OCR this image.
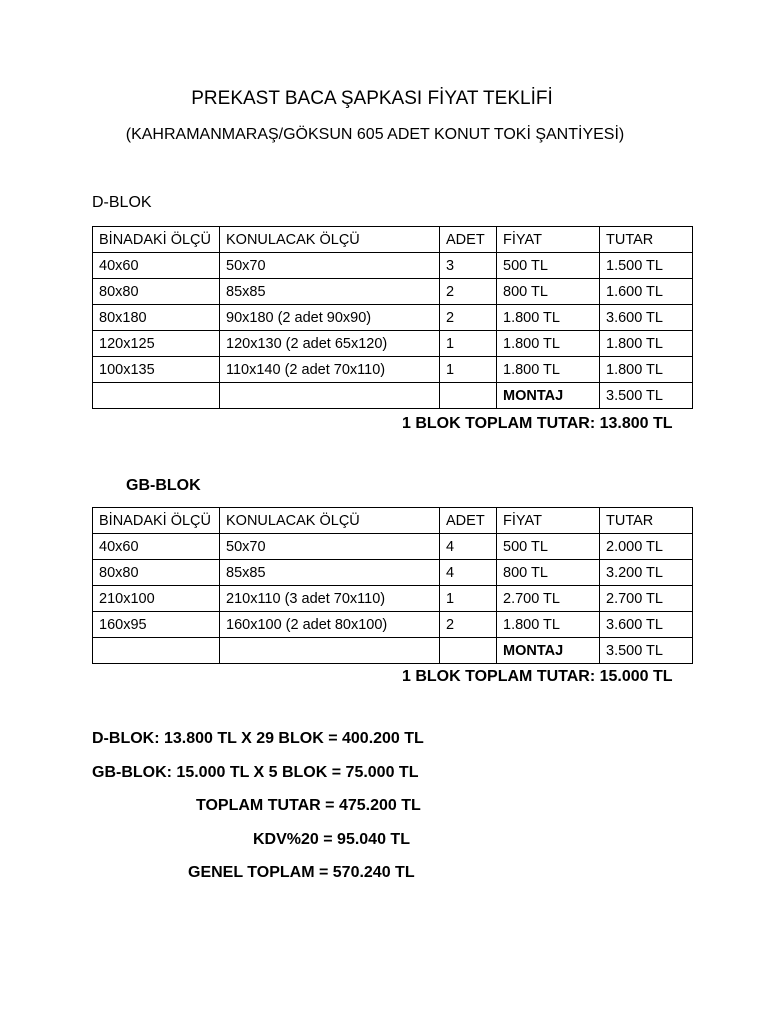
PREKAST BACA ŞAPKASI FİYAT TEKLİFİ
(KAHRAMANMARAŞ/GÖKSUN 605 ADET KONUT TOKİ ŞANTİYESİ)
D-BLOK
BİNADAKİ ÖLÇÜ	KONULACAK ÖLÇÜ	ADET	FİYAT	TUTAR
40x60	50x70	3	500 TL	1.500 TL
80x80	85x85	2	800 TL	1.600 TL
80x180	90x180 (2 adet 90x90)	2	1.800 TL	3.600 TL
120x125	120x130 (2 adet 65x120)	1	1.800 TL	1.800 TL
100x135	110x140 (2 adet 70x110)	1	1.800 TL	1.800 TL
			MONTAJ	3.500 TL
1 BLOK TOPLAM TUTAR: 13.800 TL
GB-BLOK
BİNADAKİ ÖLÇÜ	KONULACAK ÖLÇÜ	ADET	FİYAT	TUTAR
40x60	50x70	4	500 TL	2.000 TL
80x80	85x85	4	800 TL	3.200 TL
210x100	210x110 (3 adet 70x110)	1	2.700 TL	2.700 TL
160x95	160x100 (2 adet 80x100)	2	1.800 TL	3.600 TL
			MONTAJ	3.500 TL
1 BLOK TOPLAM TUTAR: 15.000 TL
D-BLOK: 13.800 TL X 29 BLOK = 400.200 TL
GB-BLOK: 15.000 TL X 5 BLOK = 75.000 TL
TOPLAM TUTAR = 475.200 TL
KDV%20 = 95.040 TL
GENEL TOPLAM = 570.240 TL
